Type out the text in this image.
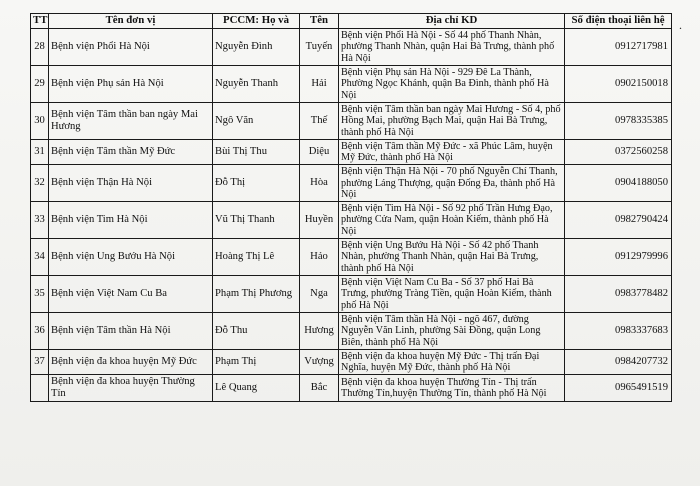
.
TT	Tên đơn vị	PCCM: Họ và	Tên	Địa chỉ KD	Số điện thoại liên hệ
28	Bệnh viện Phổi Hà Nội	Nguyễn Đình	Tuyến	Bệnh viện Phổi Hà Nội - Số 44 phố Thanh Nhàn, phường Thanh Nhàn, quận Hai Bà Trưng, thành phố Hà Nội	0912717981
29	Bệnh viện Phụ sản Hà Nội	Nguyễn Thanh	Hải	Bệnh viện Phụ sản Hà Nội - 929 Đê La Thành, Phường Ngọc Khánh, quận Ba Đình, thành phố Hà Nội	0902150018
30	Bệnh viện Tâm thần ban ngày Mai Hương	Ngô Văn	Thế	Bệnh viện Tâm thần ban ngày Mai Hương - Số 4, phố Hồng Mai, phường Bạch Mai, quận Hai Bà Trưng, thành phố Hà Nội	0978335385
31	Bệnh viện Tâm thần Mỹ Đức	Bùi Thị Thu	Diệu	Bệnh viện Tâm thần Mỹ Đức - xã Phúc Lâm, huyện Mỹ Đức, thành phố Hà Nội	0372560258
32	Bệnh viện Thận Hà Nội	Đỗ Thị	Hòa	Bệnh viện Thận Hà Nội - 70 phố Nguyễn Chí Thanh, phường Láng Thượng, quận Đống Đa, thành phố Hà Nội	0904188050
33	Bệnh viện Tim Hà Nội	Vũ Thị Thanh	Huyền	Bệnh viện Tim Hà Nội - Số 92 phố Trần Hưng Đạo, phường Cửa Nam, quận Hoàn Kiếm, thành phố Hà Nội	0982790424
34	Bệnh viện Ung Bướu Hà Nội	Hoàng Thị Lê	Hảo	Bệnh viện Ung Bướu Hà Nội - Số 42 phố Thanh Nhàn, phường Thanh Nhàn, quận Hai Bà Trưng, thành phố Hà Nội	0912979996
35	Bệnh viện Việt Nam Cu Ba	Phạm Thị Phương	Nga	Bệnh viện Việt Nam Cu Ba - Số 37 phố Hai Bà Trưng, phường Tràng Tiền, quận Hoàn Kiếm, thành phố Hà Nội	0983778482
36	Bệnh viện Tâm thần Hà Nội	Đỗ Thu	Hương	Bệnh viện Tâm thần Hà Nội - ngõ 467, đường Nguyễn Văn Linh, phường Sài Đồng, quận Long Biên, thành phố Hà Nội	0983337683
37	Bệnh viện đa khoa huyện Mỹ Đức	Phạm Thị	Vượng	Bệnh viện đa khoa huyện Mỹ Đức - Thị trấn Đại Nghĩa, huyện Mỹ Đức, thành phố Hà Nội	0984207732
	Bệnh viện đa khoa huyện Thường Tín	Lê Quang	Bắc	Bệnh viện đa khoa huyện Thường Tín - Thị trấn Thường Tín,huyện Thường Tín, thành phố Hà Nội	0965491519
